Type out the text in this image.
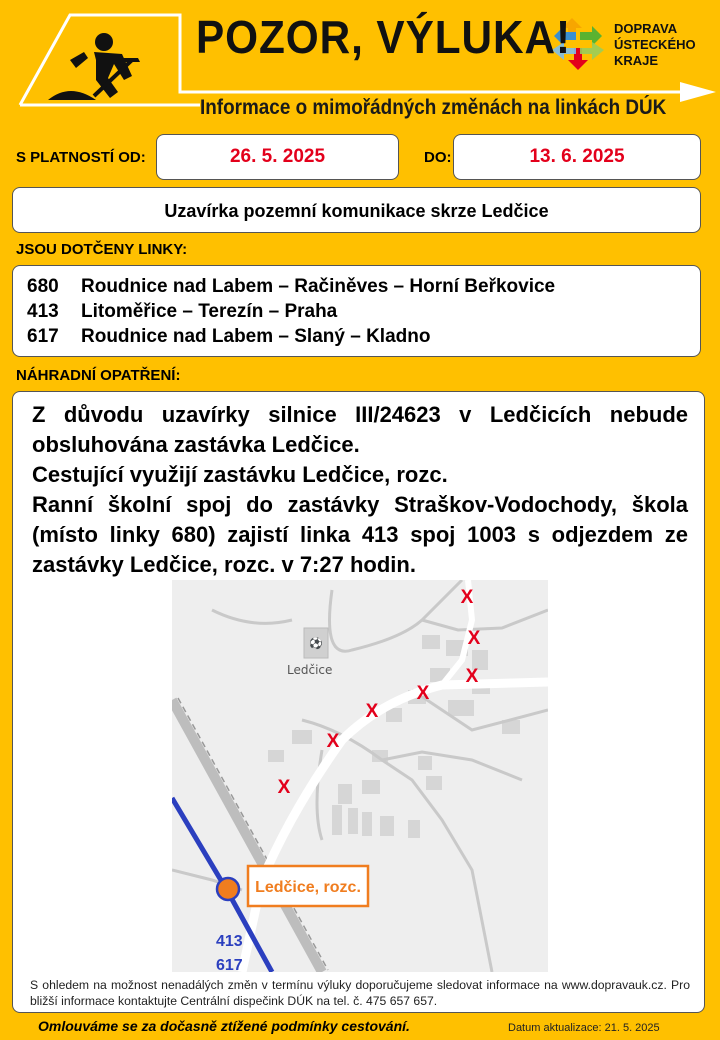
POZOR, VÝLUKA!
Informace o mimořádných změnách na linkách DÚK
DOPRAVA
ÚSTECKÉHO
KRAJE
S PLATNOSTÍ OD:	26. 5. 2025	DO:	13. 6. 2025
Uzavírka pozemní komunikace skrze Ledčice
JSOU DOTČENY LINKY:
680 Roudnice nad Labem – Račiněves – Horní Beřkovice
413 Litoměřice – Terezín – Praha
617 Roudnice nad Labem – Slaný – Kladno
NÁHRADNÍ OPATŘENÍ:

Z důvodu uzavírky silnice III/24623 v Ledčicích nebude obsluhována zastávka Ledčice.

Cestující využijí zastávku Ledčice, rozc.

Ranní školní spoj do zastávky Straškov-Vodochody, škola (místo linky 680) zajistí linka 413 spoj 1003 s odjezdem ze zastávky Ledčice, rozc. v 7:27 hodin.

⚽
X
X
X
X
X
X
X
Ledčice
Ledčice, rozc.
413
617
S ohledem na možnost nenadálých změn v termínu výluky doporučujeme sledovat informace na www.dopravauk.cz. Pro bližší informace kontaktujte Centrální dispečink DÚK na tel. č. 475 657 657.
Omlouváme se za dočasně ztížené podmínky cestování.	Datum aktualizace: 21. 5. 2025
